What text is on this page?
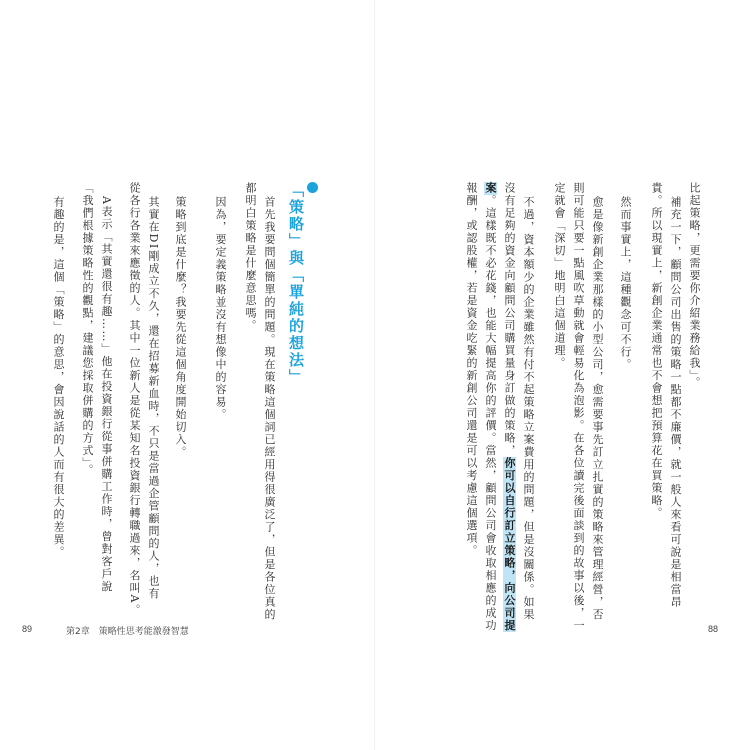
比起策略，更需要你介紹業務給我」。
補充一下，顧問公司出售的策略一點都不廉價，就一般人來看可說是相當昂
貴。所以現實上，新創企業通常也不會想把預算花在買策略。
然而事實上，這種觀念可不行。
愈是像新創企業那樣的小型公司，愈需要事先訂立扎實的策略來管理經營，否
則可能只要一點風吹草動就會輕易化為泡影。在各位讀完後面談到的故事以後，一
定就會「深切」地明白這個道理。
不過，資本額少的企業雖然有付不起策略立案費用的問題，但是沒關係。如果
沒有足夠的資金向顧問公司購買量身訂做的策略，你可以自行訂立策略，向公司提
案。這樣既不必花錢，也能大幅提高你的評價。當然，顧問公司會收取相應的成功
報酬，或認股權，若是資金吃緊的新創公司還是可以考慮這個選項。
「策略」與「單純的想法」
首先我要問個簡單的問題。現在策略這個詞已經用得很廣泛了，但是各位真的
都明白策略是什麼意思嗎。
因為，要定義策略並沒有想像中的容易。
策略到底是什麼？我要先從這個角度開始切入。
其實在DI剛成立不久，還在招募新血時，不只是當過企管顧問的人，也有
從各行各業來應徵的人。其中一位新人是從某知名投資銀行轉職過來，名叫A。
A表示「其實還很有趣……」他在投資銀行從事併購工作時，曾對客戶說
「我們根據策略性的觀點，建議您採取併購的方式」。
有趣的是，這個「策略」的意思，會因說話的人而有很大的差異。
89	第2章　策略性思考能激發智慧	88
